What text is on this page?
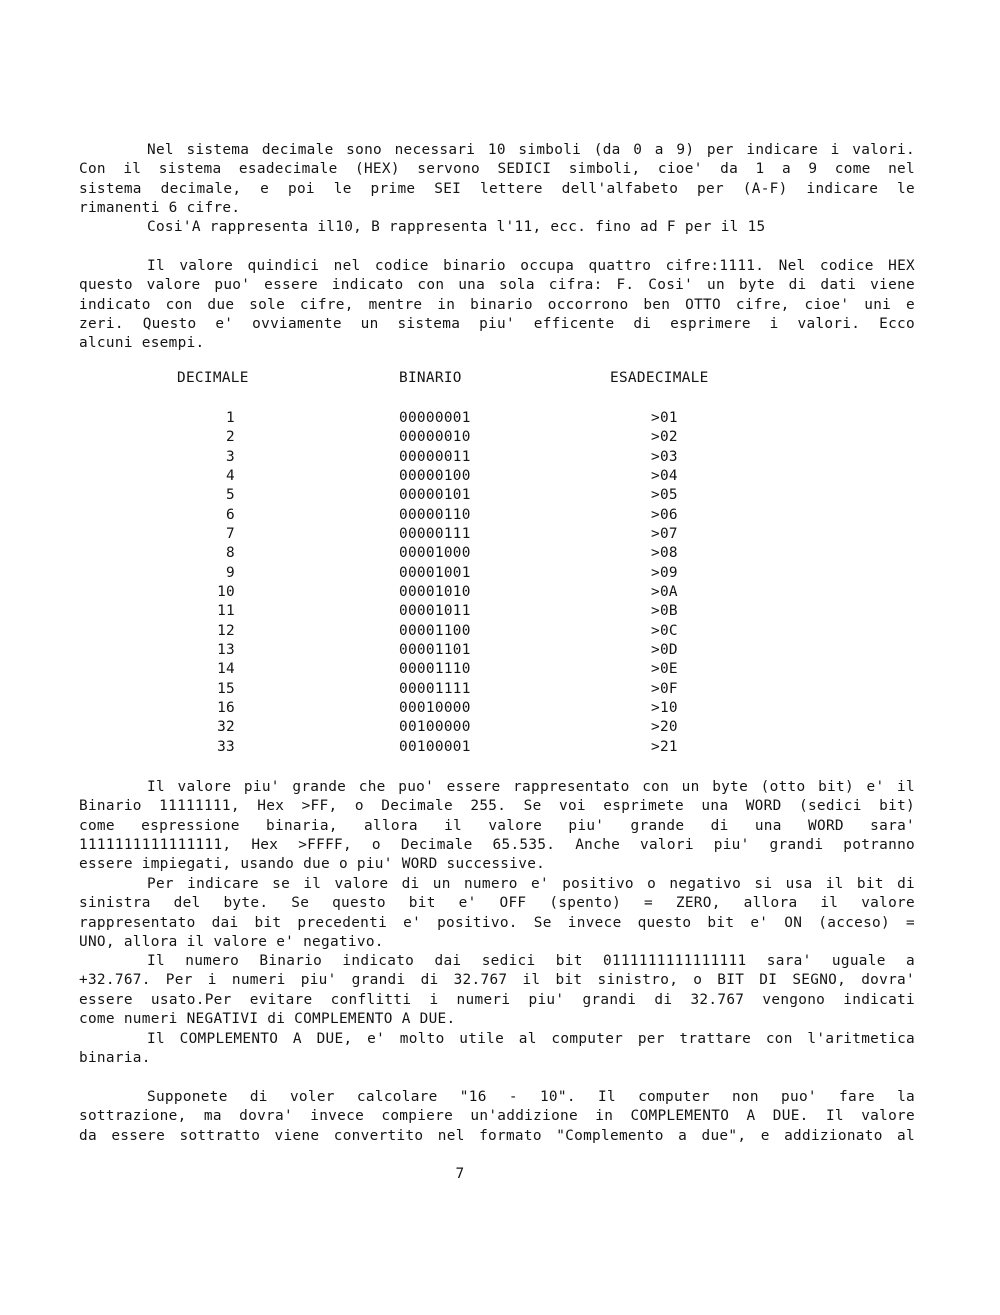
Nel sistema decimale sono necessari 10 simboli (da 0 a 9) per indicare i valori.
Con il sistema esadecimale (HEX) servono SEDICI simboli, cioe' da 1 a 9 come nel
sistema decimale, e poi le prime SEI lettere dell'alfabeto per (A-F) indicare le
rimanenti 6 cifre.

Cosi'A rappresenta il10, B rappresenta l'11, ecc. fino ad F per il 15

Il valore quindici nel codice binario occupa quattro cifre:1111. Nel codice HEX
questo valore puo' essere indicato con una sola cifra: F. Cosi' un byte di dati viene
indicato con due sole cifre, mentre in binario occorrono ben OTTO cifre, cioe' uni e
zeri. Questo e' ovviamente un sistema piu' efficente di esprimere i valori. Ecco
alcuni esempi.

DECIMALE	BINARIO	ESADECIMALE
1	00000001	>01
2	00000010	>02
3	00000011	>03
4	00000100	>04
5	00000101	>05
6	00000110	>06
7	00000111	>07
8	00001000	>08
9	00001001	>09
10	00001010	>0A
11	00001011	>0B
12	00001100	>0C
13	00001101	>0D
14	00001110	>0E
15	00001111	>0F
16	00010000	>10
32	00100000	>20
33	00100001	>21

Il valore piu' grande che puo' essere rappresentato con un byte (otto bit) e' il
Binario 11111111, Hex >FF, o Decimale 255. Se voi esprimete una WORD (sedici bit)
come espressione binaria, allora il valore piu' grande di una WORD sara'
1111111111111111, Hex >FFFF, o Decimale 65.535. Anche valori piu' grandi potranno
essere impiegati, usando due o piu' WORD successive.

Per indicare se il valore di un numero e' positivo o negativo si usa il bit di
sinistra del byte. Se questo bit e' OFF (spento) = ZERO, allora il valore
rappresentato dai bit precedenti e' positivo. Se invece questo bit e' ON (acceso) =
UNO, allora il valore e' negativo.

Il numero Binario indicato dai sedici bit 0111111111111111 sara' uguale a
+32.767. Per i numeri piu' grandi di 32.767 il bit sinistro, o BIT DI SEGNO, dovra'
essere usato.Per evitare conflitti i numeri piu' grandi di 32.767 vengono indicati
come numeri NEGATIVI di COMPLEMENTO A DUE.

Il COMPLEMENTO A DUE, e' molto utile al computer per trattare con l'aritmetica
binaria.

Supponete di voler calcolare "16 - 10". Il computer non puo' fare la
sottrazione, ma dovra' invece compiere un'addizione in COMPLEMENTO A DUE. Il valore
da essere sottratto viene convertito nel formato "Complemento a due", e addizionato al

7
